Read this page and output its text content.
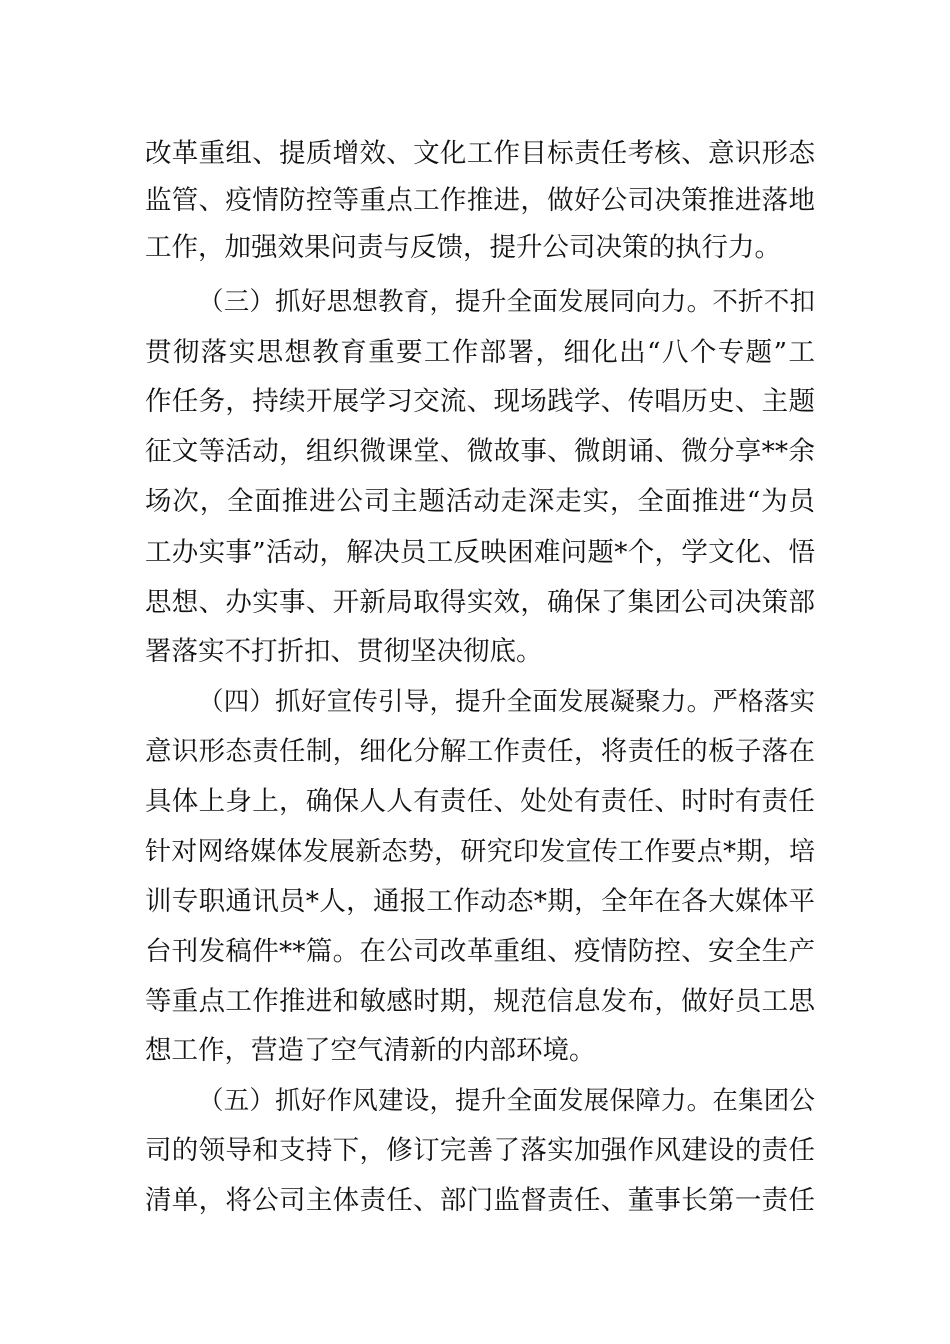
改革重组、提质增效、文化工作目标责任考核、意识形态
监管、疫情防控等重点工作推进，做好公司决策推进落地
工作，加强效果问责与反馈，提升公司决策的执行力。
（三）抓好思想教育，提升全面发展同向力。不折不扣
贯彻落实思想教育重要工作部署，细化出“八个专题”工
作任务，持续开展学习交流、现场践学、传唱历史、主题
征文等活动，组织微课堂、微故事、微朗诵、微分享**余
场次，全面推进公司主题活动走深走实，全面推进“为员
工办实事”活动，解决员工反映困难问题*个，学文化、悟
思想、办实事、开新局取得实效，确保了集团公司决策部
署落实不打折扣、贯彻坚决彻底。
（四）抓好宣传引导，提升全面发展凝聚力。严格落实
意识形态责任制，细化分解工作责任，将责任的板子落在
具体上身上，确保人人有责任、处处有责任、时时有责任
针对网络媒体发展新态势，研究印发宣传工作要点*期，培
训专职通讯员*人，通报工作动态*期，全年在各大媒体平
台刊发稿件**篇。在公司改革重组、疫情防控、安全生产
等重点工作推进和敏感时期，规范信息发布，做好员工思
想工作，营造了空气清新的内部环境。
（五）抓好作风建设，提升全面发展保障力。在集团公
司的领导和支持下，修订完善了落实加强作风建设的责任
清单，将公司主体责任、部门监督责任、董事长第一责任
